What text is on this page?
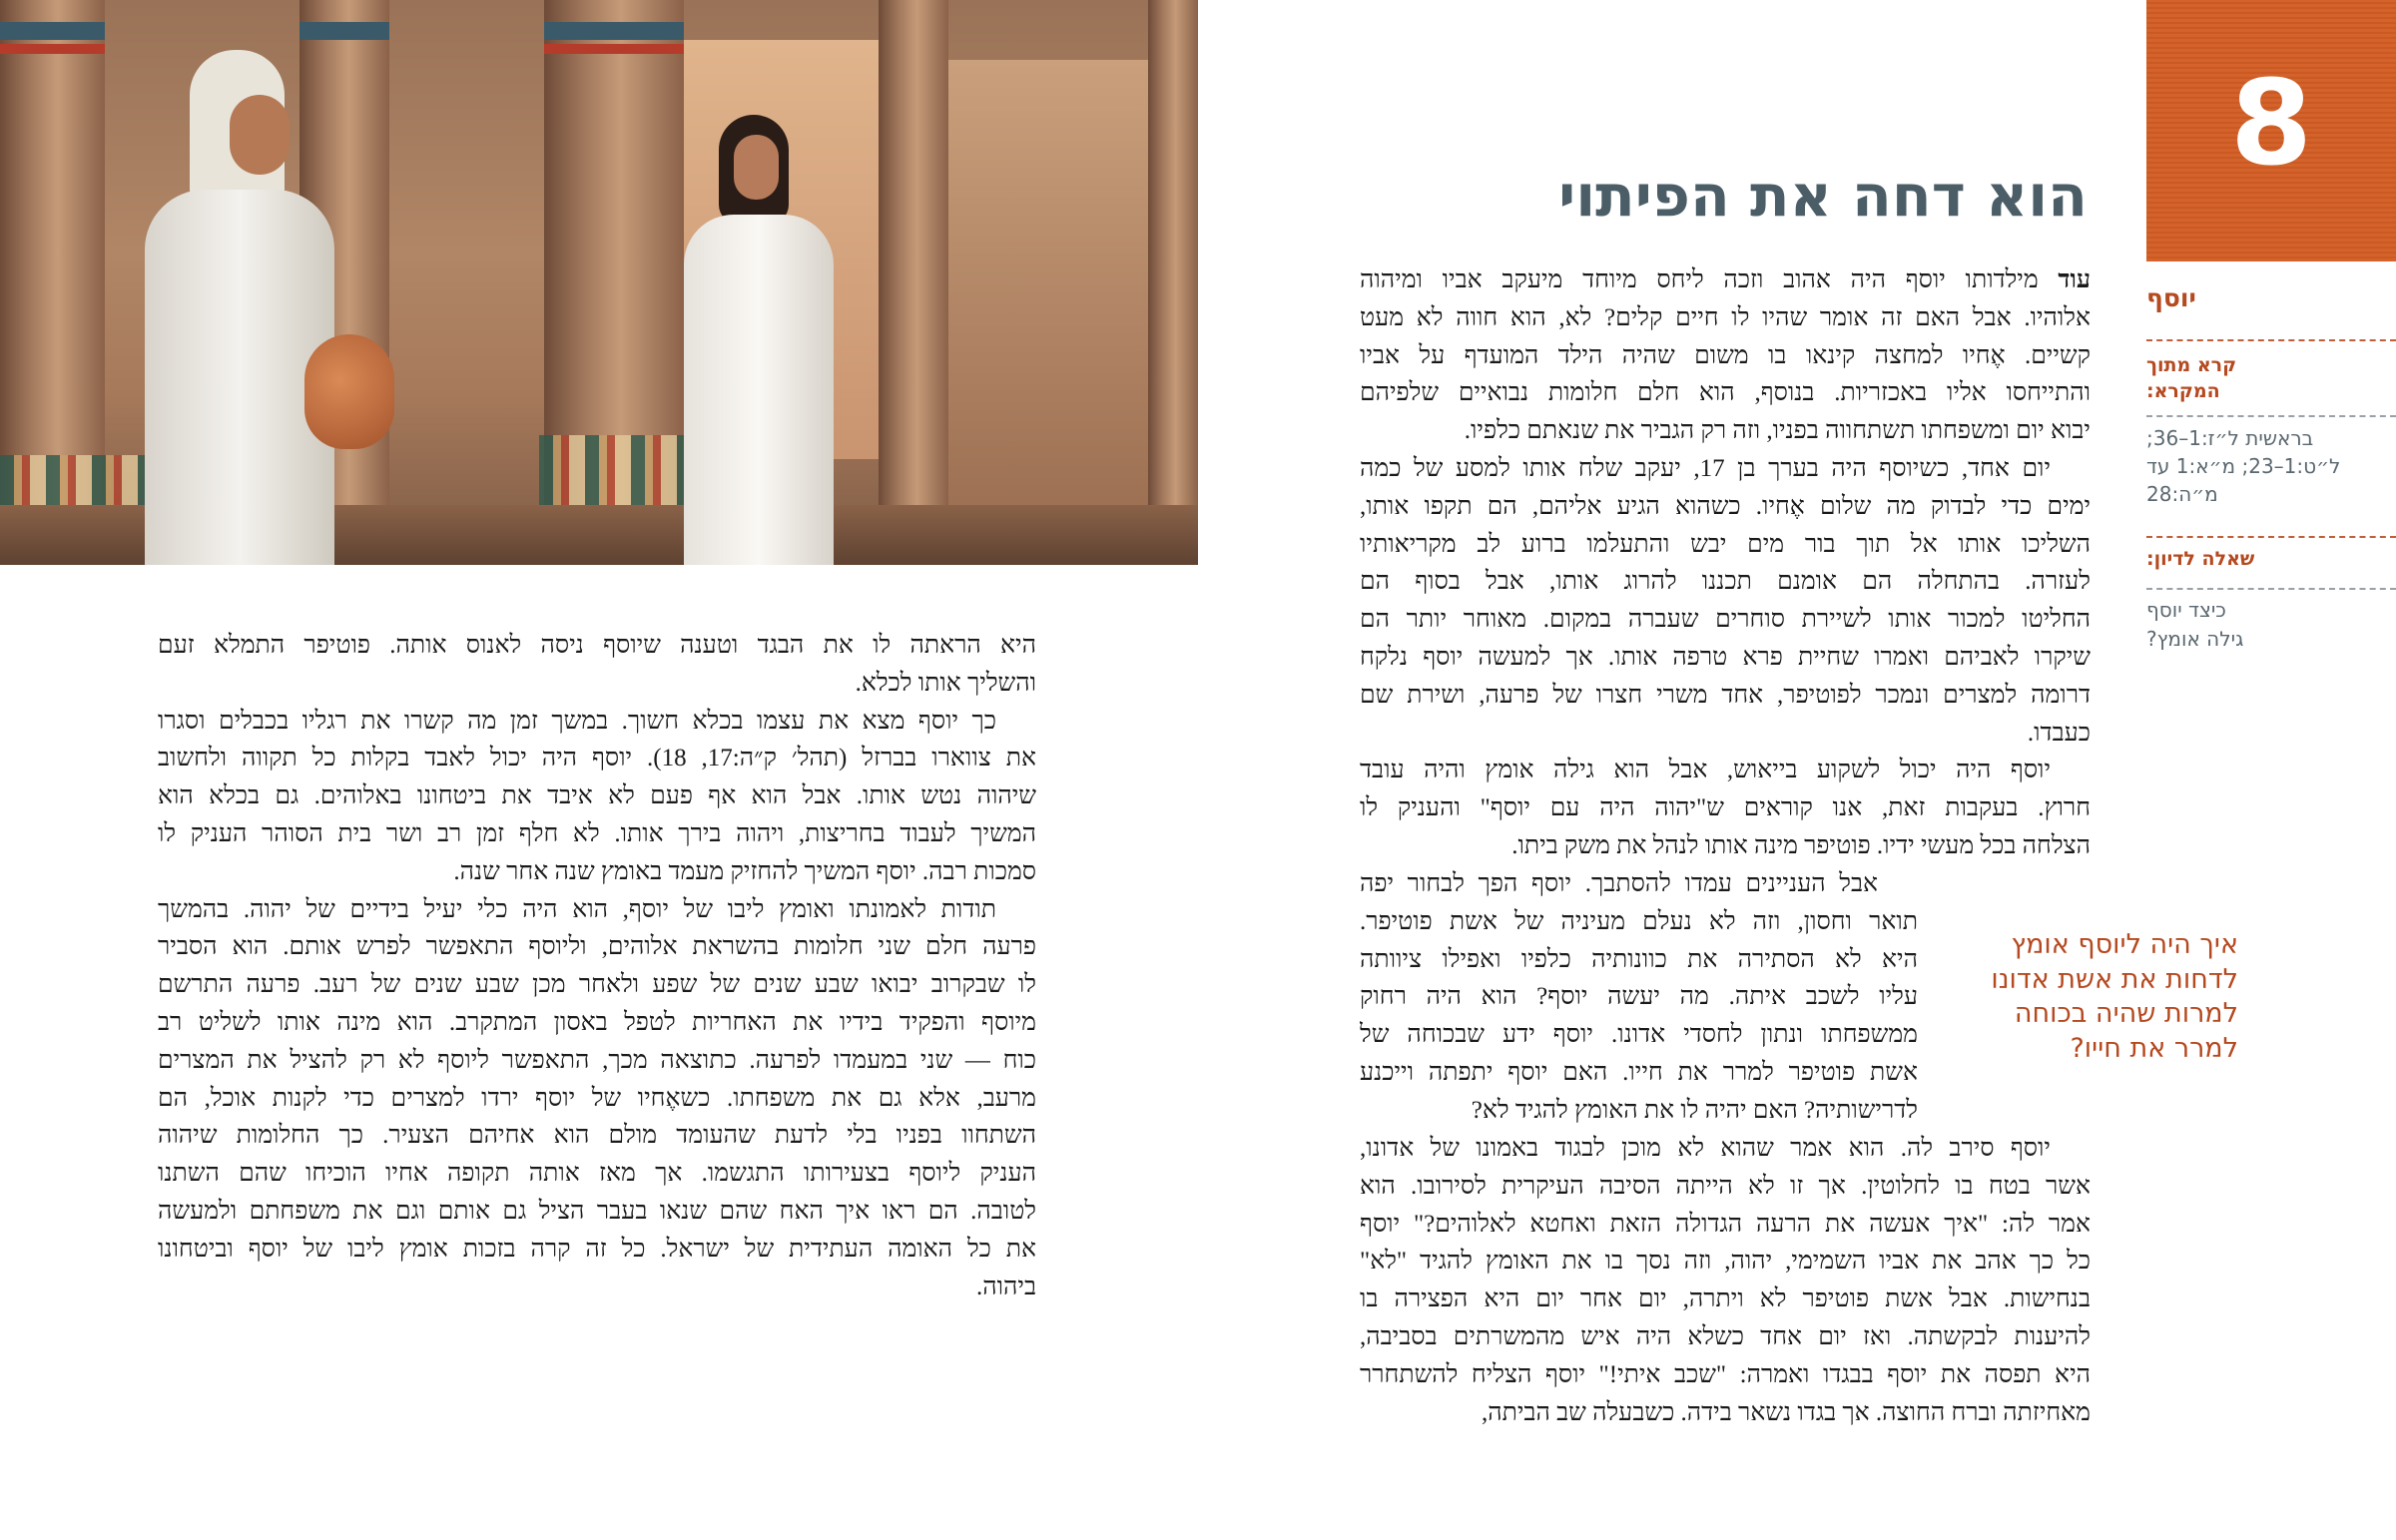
8
הוא דחה את הפיתוי
יוסף
קרא מתוך
המקרא:
בראשית ל״ז:1–36;
ל״ט:1–23; מ״א:1 עד
מ״ה:28
שאלה לדיון:
כיצד יוסף
גילה אומץ?
איך היה ליוסף אומץ
לדחות את אשת אדונו
למרות שהיה בכוחה
למרר את חייו?
עוד מילדותו יוסף היה אהוב וזכה ליחס מיוחד מיעקב אביו ומיהוה
אלוהיו. אבל האם זה אומר שהיו לו חיים קלים? לא, הוא חווה לא מעט
קשיים. אֶחיו למחצה קינאו בו משום שהיה הילד המועדף על אביו
והתייחסו אליו באכזריות. בנוסף, הוא חלם חלומות נבואיים שלפיהם
יבוא יום ומשפחתו תשתחווה בפניו, וזה רק הגביר את שנאתם כלפיו.
יום אחד, כשיוסף היה בערך בן 17, יעקב שלח אותו למסע של כמה
ימים כדי לבדוק מה שלום אֶחיו. כשהוא הגיע אליהם, הם תקפו אותו,
השליכו אותו אל תוך בור מים יבש והתעלמו ברוע לב מקריאותיו
לעזרה. בהתחלה הם אומנם תכננו להרוג אותו, אבל בסוף הם
החליטו למכור אותו לשיירת סוחרים שעברה במקום. מאוחר יותר הם
שיקרו לאביהם ואמרו שחיית פרא טרפה אותו. אך למעשה יוסף נלקח
דרומה למצרים ונמכר לפוטיפר, אחד משרי חצרו של פרעה, ושירת שם
כעבדו.
יוסף היה יכול לשקוע בייאוש, אבל הוא גילה אומץ והיה עובד
חרוץ. בעקבות זאת, אנו קוראים ש"יהוה היה עם יוסף" והעניק לו
הצלחה בכל מעשי ידיו. פוטיפר מינה אותו לנהל את משק ביתו.
אבל העניינים עמדו להסתבך. יוסף הפך לבחור יפה
תואר וחסון, וזה לא נעלם מעיניה של אשת פוטיפר.
היא לא הסתירה את כוונותיה כלפיו ואפילו ציוותה
עליו לשכב איתה. מה יעשה יוסף? הוא היה רחוק
ממשפחתו ונתון לחסדי אדונו. יוסף ידע שבכוחה של
אשת פוטיפר למרר את חייו. האם יוסף יתפתה וייכנע
לדרישותיה? האם יהיה לו את האומץ להגיד לא?
יוסף סירב לה. הוא אמר שהוא לא מוכן לבגוד באמונו של אדונו,
אשר בטח בו לחלוטין. אך זו לא הייתה הסיבה העיקרית לסירובו. הוא
אמר לה: "איך אעשה את הרעה הגדולה הזאת ואחטא לאלוהים?" יוסף
כל כך אהב את אביו השמימי, יהוה, וזה נסך בו את האומץ להגיד "לא"
בנחישות. אבל אשת פוטיפר לא ויתרה, יום אחר יום היא הפצירה בו
להיענות לבקשתה. ואז יום אחד כשלא היה איש מהמשרתים בסביבה,
היא תפסה את יוסף בבגדו ואמרה: "שכב איתי!" יוסף הצליח להשתחרר
מאחיזתה וברח החוצה. אך בגדו נשאר בידה. כשבעלה שב הביתה,
היא הראתה לו את הבגד וטענה שיוסף ניסה לאנוס אותה. פוטיפר התמלא זעם
והשליך אותו לכלא.
כך יוסף מצא את עצמו בכלא חשוך. במשך זמן מה קשרו את רגליו בכבלים וסגרו
את צווארו בברזל (תהל׳ ק״ה:17, 18). יוסף היה יכול לאבד בקלות כל תקווה ולחשוב
שיהוה נטש אותו. אבל הוא אף פעם לא איבד את ביטחונו באלוהים. גם בכלא הוא
המשיך לעבוד בחריצות, ויהוה בירך אותו. לא חלף זמן רב ושר בית הסוהר העניק לו
סמכות רבה. יוסף המשיך להחזיק מעמד באומץ שנה אחר שנה.
תודות לאמונתו ואומץ ליבו של יוסף, הוא היה כלי יעיל בידיים של יהוה. בהמשך
פרעה חלם שני חלומות בהשראת אלוהים, וליוסף התאפשר לפרש אותם. הוא הסביר
לו שבקרוב יבואו שבע שנים של שפע ולאחר מכן שבע שנים של רעב. פרעה התרשם
מיוסף והפקיד בידיו את האחריות לטפל באסון המתקרב. הוא מינה אותו לשליט רב
כוח — שני במעמדו לפרעה. כתוצאה מכך, התאפשר ליוסף לא רק להציל את המצרים
מרעב, אלא גם את משפחתו. כשאֶחיו של יוסף ירדו למצרים כדי לקנות אוכל, הם
השתחוו בפניו בלי לדעת שהעומד מולם הוא אחיהם הצעיר. כך החלומות שיהוה
העניק ליוסף בצעירותו התגשמו. אך מאז אותה תקופה אחיו הוכיחו שהם השתנו
לטובה. הם ראו איך האח שהם שנאו בעבר הציל גם אותם וגם את משפחתם ולמעשה
את כל האומה העתידית של ישראל. כל זה קרה בזכות אומץ ליבו של יוסף וביטחונו
ביהוה.
